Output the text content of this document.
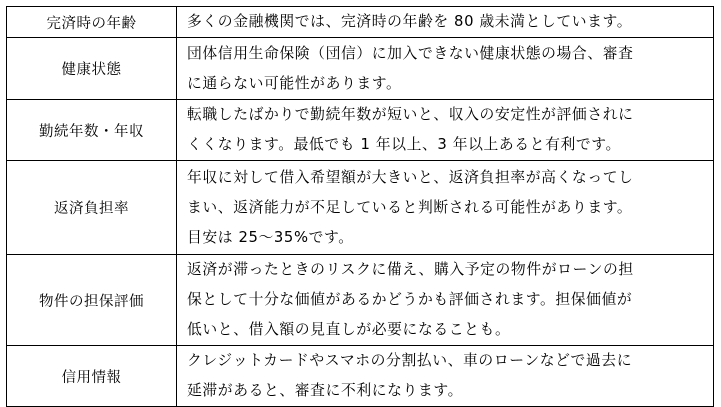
完済時の年齢	多くの金融機関では、完済時の年齢を 80 歳未満としています。

健康状態	団体信用生命保険（団信）に加入できない健康状態の場合、審査
に通らない可能性があります。

勤続年数・年収	転職したばかりで勤続年数が短いと、収入の安定性が評価されに
くくなります。最低でも 1 年以上、3 年以上あると有利です。

返済負担率	年収に対して借入希望額が大きいと、返済負担率が高くなってし
まい、返済能力が不足していると判断される可能性があります。
目安は 25〜35%です。

物件の担保評価	返済が滞ったときのリスクに備え、購入予定の物件がローンの担
保として十分な価値があるかどうかも評価されます。担保価値が
低いと、借入額の見直しが必要になることも。

信用情報	クレジットカードやスマホの分割払い、車のローンなどで過去に
延滞があると、審査に不利になります。
